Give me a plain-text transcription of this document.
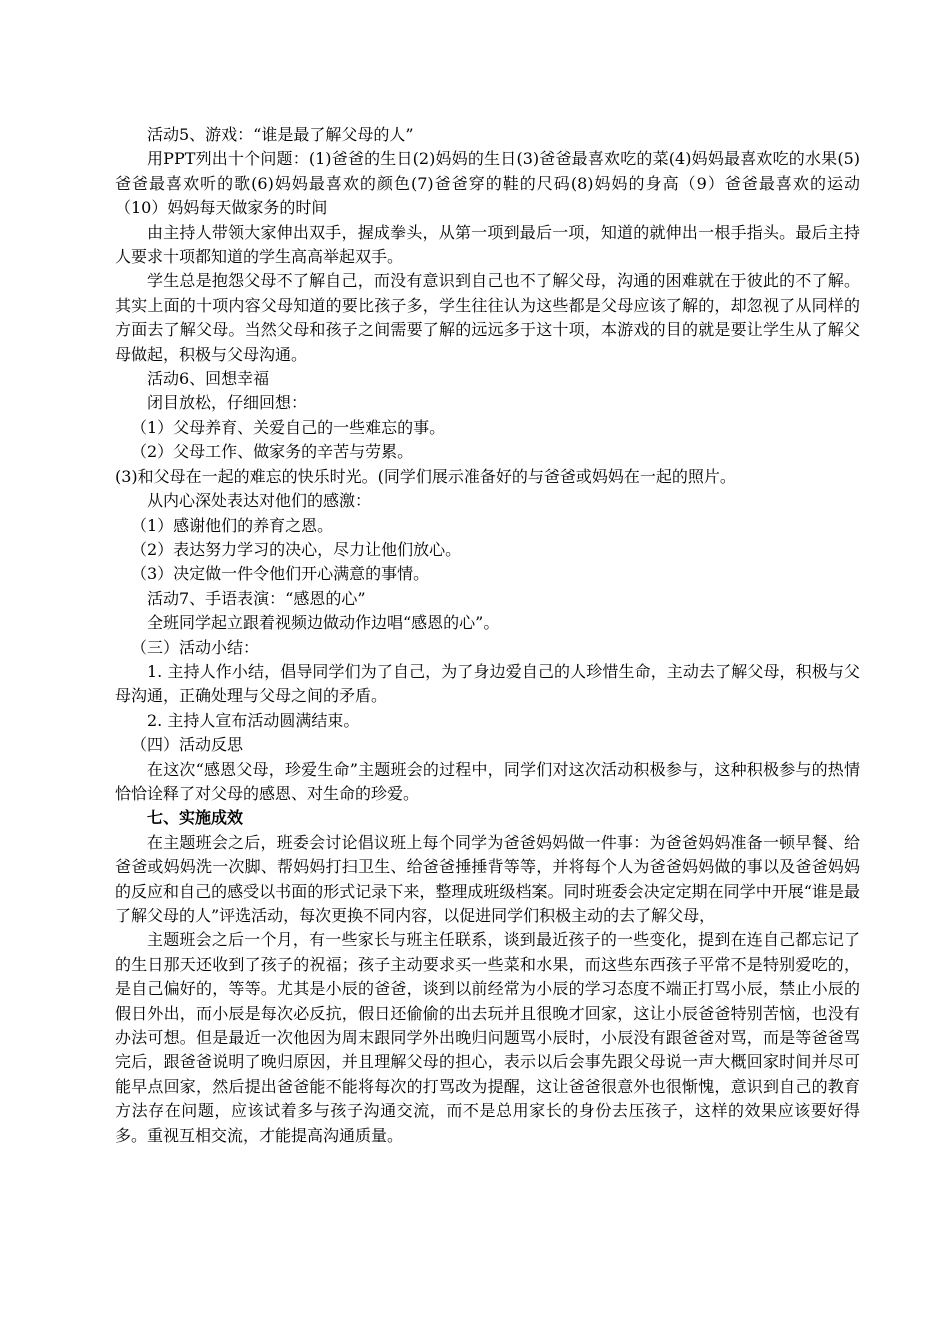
活动5、游戏：“谁是最了解父母的人”

用PPT列出十个问题：(1)爸爸的生日(2)妈妈的生日(3)爸爸最喜欢吃的菜(4)妈妈最喜欢吃的水果(5)爸爸最喜欢听的歌(6)妈妈最喜欢的颜色(7)爸爸穿的鞋的尺码(8)妈妈的身高（9）爸爸最喜欢的运动（10）妈妈每天做家务的时间

由主持人带领大家伸出双手，握成拳头，从第一项到最后一项，知道的就伸出一根手指头。最后主持人要求十项都知道的学生高高举起双手。

学生总是抱怨父母不了解自己，而没有意识到自己也不了解父母，沟通的困难就在于彼此的不了解。其实上面的十项内容父母知道的要比孩子多，学生往往认为这些都是父母应该了解的，却忽视了从同样的方面去了解父母。当然父母和孩子之间需要了解的远远多于这十项，本游戏的目的就是要让学生从了解父母做起，积极与父母沟通。

活动6、回想幸福

闭目放松，仔细回想：

（1）父母养育、关爱自己的一些难忘的事。

（2）父母工作、做家务的辛苦与劳累。

(3)和父母在一起的难忘的快乐时光。(同学们展示准备好的与爸爸或妈妈在一起的照片。

从内心深处表达对他们的感激：

（1）感谢他们的养育之恩。

（2）表达努力学习的决心，尽力让他们放心。

（3）决定做一件令他们开心满意的事情。

活动7、手语表演：“感恩的心”

全班同学起立跟着视频边做动作边唱“感恩的心”。

（三）活动小结：

1. 主持人作小结，倡导同学们为了自己，为了身边爱自己的人珍惜生命，主动去了解父母，积极与父母沟通，正确处理与父母之间的矛盾。

2. 主持人宣布活动圆满结束。

（四）活动反思

在这次“感恩父母，珍爱生命”主题班会的过程中，同学们对这次活动积极参与，这种积极参与的热情恰恰诠释了对父母的感恩、对生命的珍爱。

七、实施成效

在主题班会之后，班委会讨论倡议班上每个同学为爸爸妈妈做一件事：为爸爸妈妈准备一顿早餐、给爸爸或妈妈洗一次脚、帮妈妈打扫卫生、给爸爸捶捶背等等，并将每个人为爸爸妈妈做的事以及爸爸妈妈的反应和自己的感受以书面的形式记录下来，整理成班级档案。同时班委会决定定期在同学中开展“谁是最了解父母的人”评选活动，每次更换不同内容，以促进同学们积极主动的去了解父母，

主题班会之后一个月，有一些家长与班主任联系，谈到最近孩子的一些变化，提到在连自己都忘记了的生日那天还收到了孩子的祝福；孩子主动要求买一些菜和水果，而这些东西孩子平常不是特别爱吃的，是自己偏好的，等等。尤其是小辰的爸爸，谈到以前经常为小辰的学习态度不端正打骂小辰，禁止小辰的假日外出，而小辰是每次必反抗，假日还偷偷的出去玩并且很晚才回家，这让小辰爸爸特别苦恼，也没有办法可想。但是最近一次他因为周末跟同学外出晚归问题骂小辰时，小辰没有跟爸爸对骂，而是等爸爸骂完后，跟爸爸说明了晚归原因，并且理解父母的担心，表示以后会事先跟父母说一声大概回家时间并尽可能早点回家，然后提出爸爸能不能将每次的打骂改为提醒，这让爸爸很意外也很惭愧，意识到自己的教育方法存在问题，应该试着多与孩子沟通交流，而不是总用家长的身份去压孩子，这样的效果应该要好得多。重视互相交流，才能提高沟通质量。
